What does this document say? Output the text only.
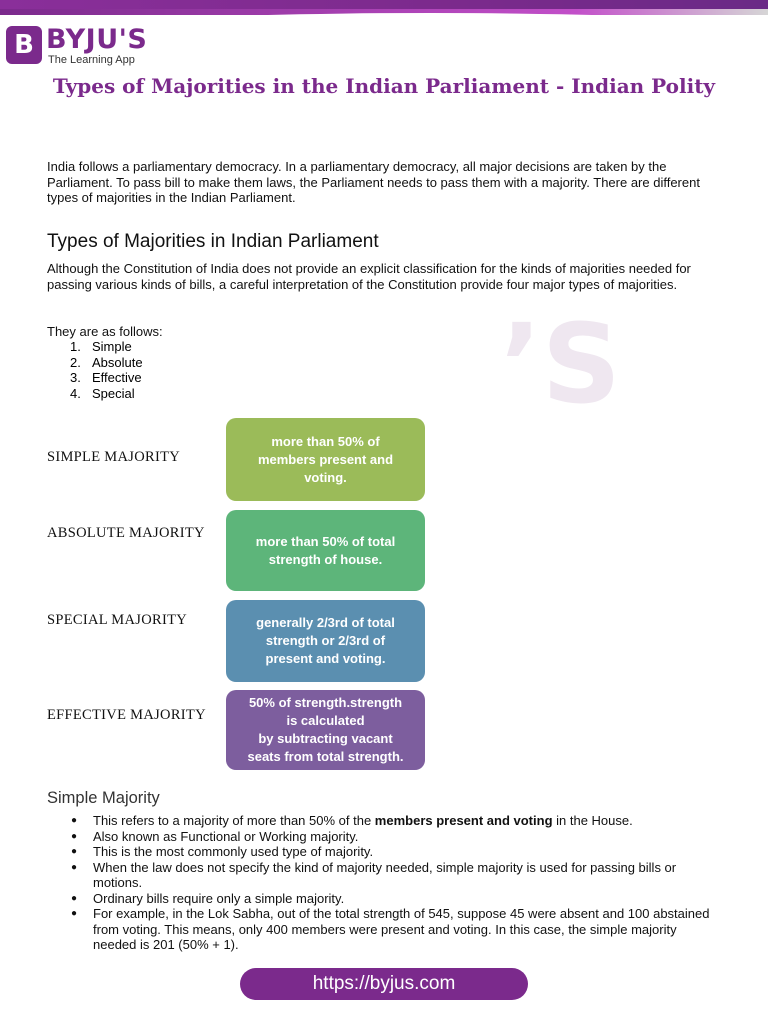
’S
B BYJU'S
The Learning App
Types of Majorities in the Indian Parliament - Indian Polity
India follows a parliamentary democracy. In a parliamentary democracy, all major decisions are taken by the Parliament. To pass bill to make them laws, the Parliament needs to pass them with a majority. There are different types of majorities in the Indian Parliament.
Types of Majorities in Indian Parliament
Although the Constitution of India does not provide an explicit classification for the kinds of majorities needed for passing various kinds of bills, a careful interpretation of the Constitution provide four major types of majorities.
They are as follows:
1. Simple
2. Absolute
3. Effective
4. Special
SIMPLE MAJORITY
more than 50% of
members present and
voting.
ABSOLUTE MAJORITY	more than 50% of total
strength of house.
SPECIAL MAJORITY	generally 2/3rd of total
strength or 2/3rd of
present and voting.
EFFECTIVE MAJORITY
50% of strength.strength
is calculated
by subtracting vacant
seats from total strength.
Simple Majority
● This refers to a majority of more than 50% of the members present and voting in the House.
● Also known as Functional or Working majority.
● This is the most commonly used type of majority.
● When the law does not specify the kind of majority needed, simple majority is used for passing bills or motions.
● Ordinary bills require only a simple majority.
● For example, in the Lok Sabha, out of the total strength of 545, suppose 45 were absent and 100 abstained from voting. This means, only 400 members were present and voting. In this case, the simple majority needed is 201 (50% + 1).
https://byjus.com
